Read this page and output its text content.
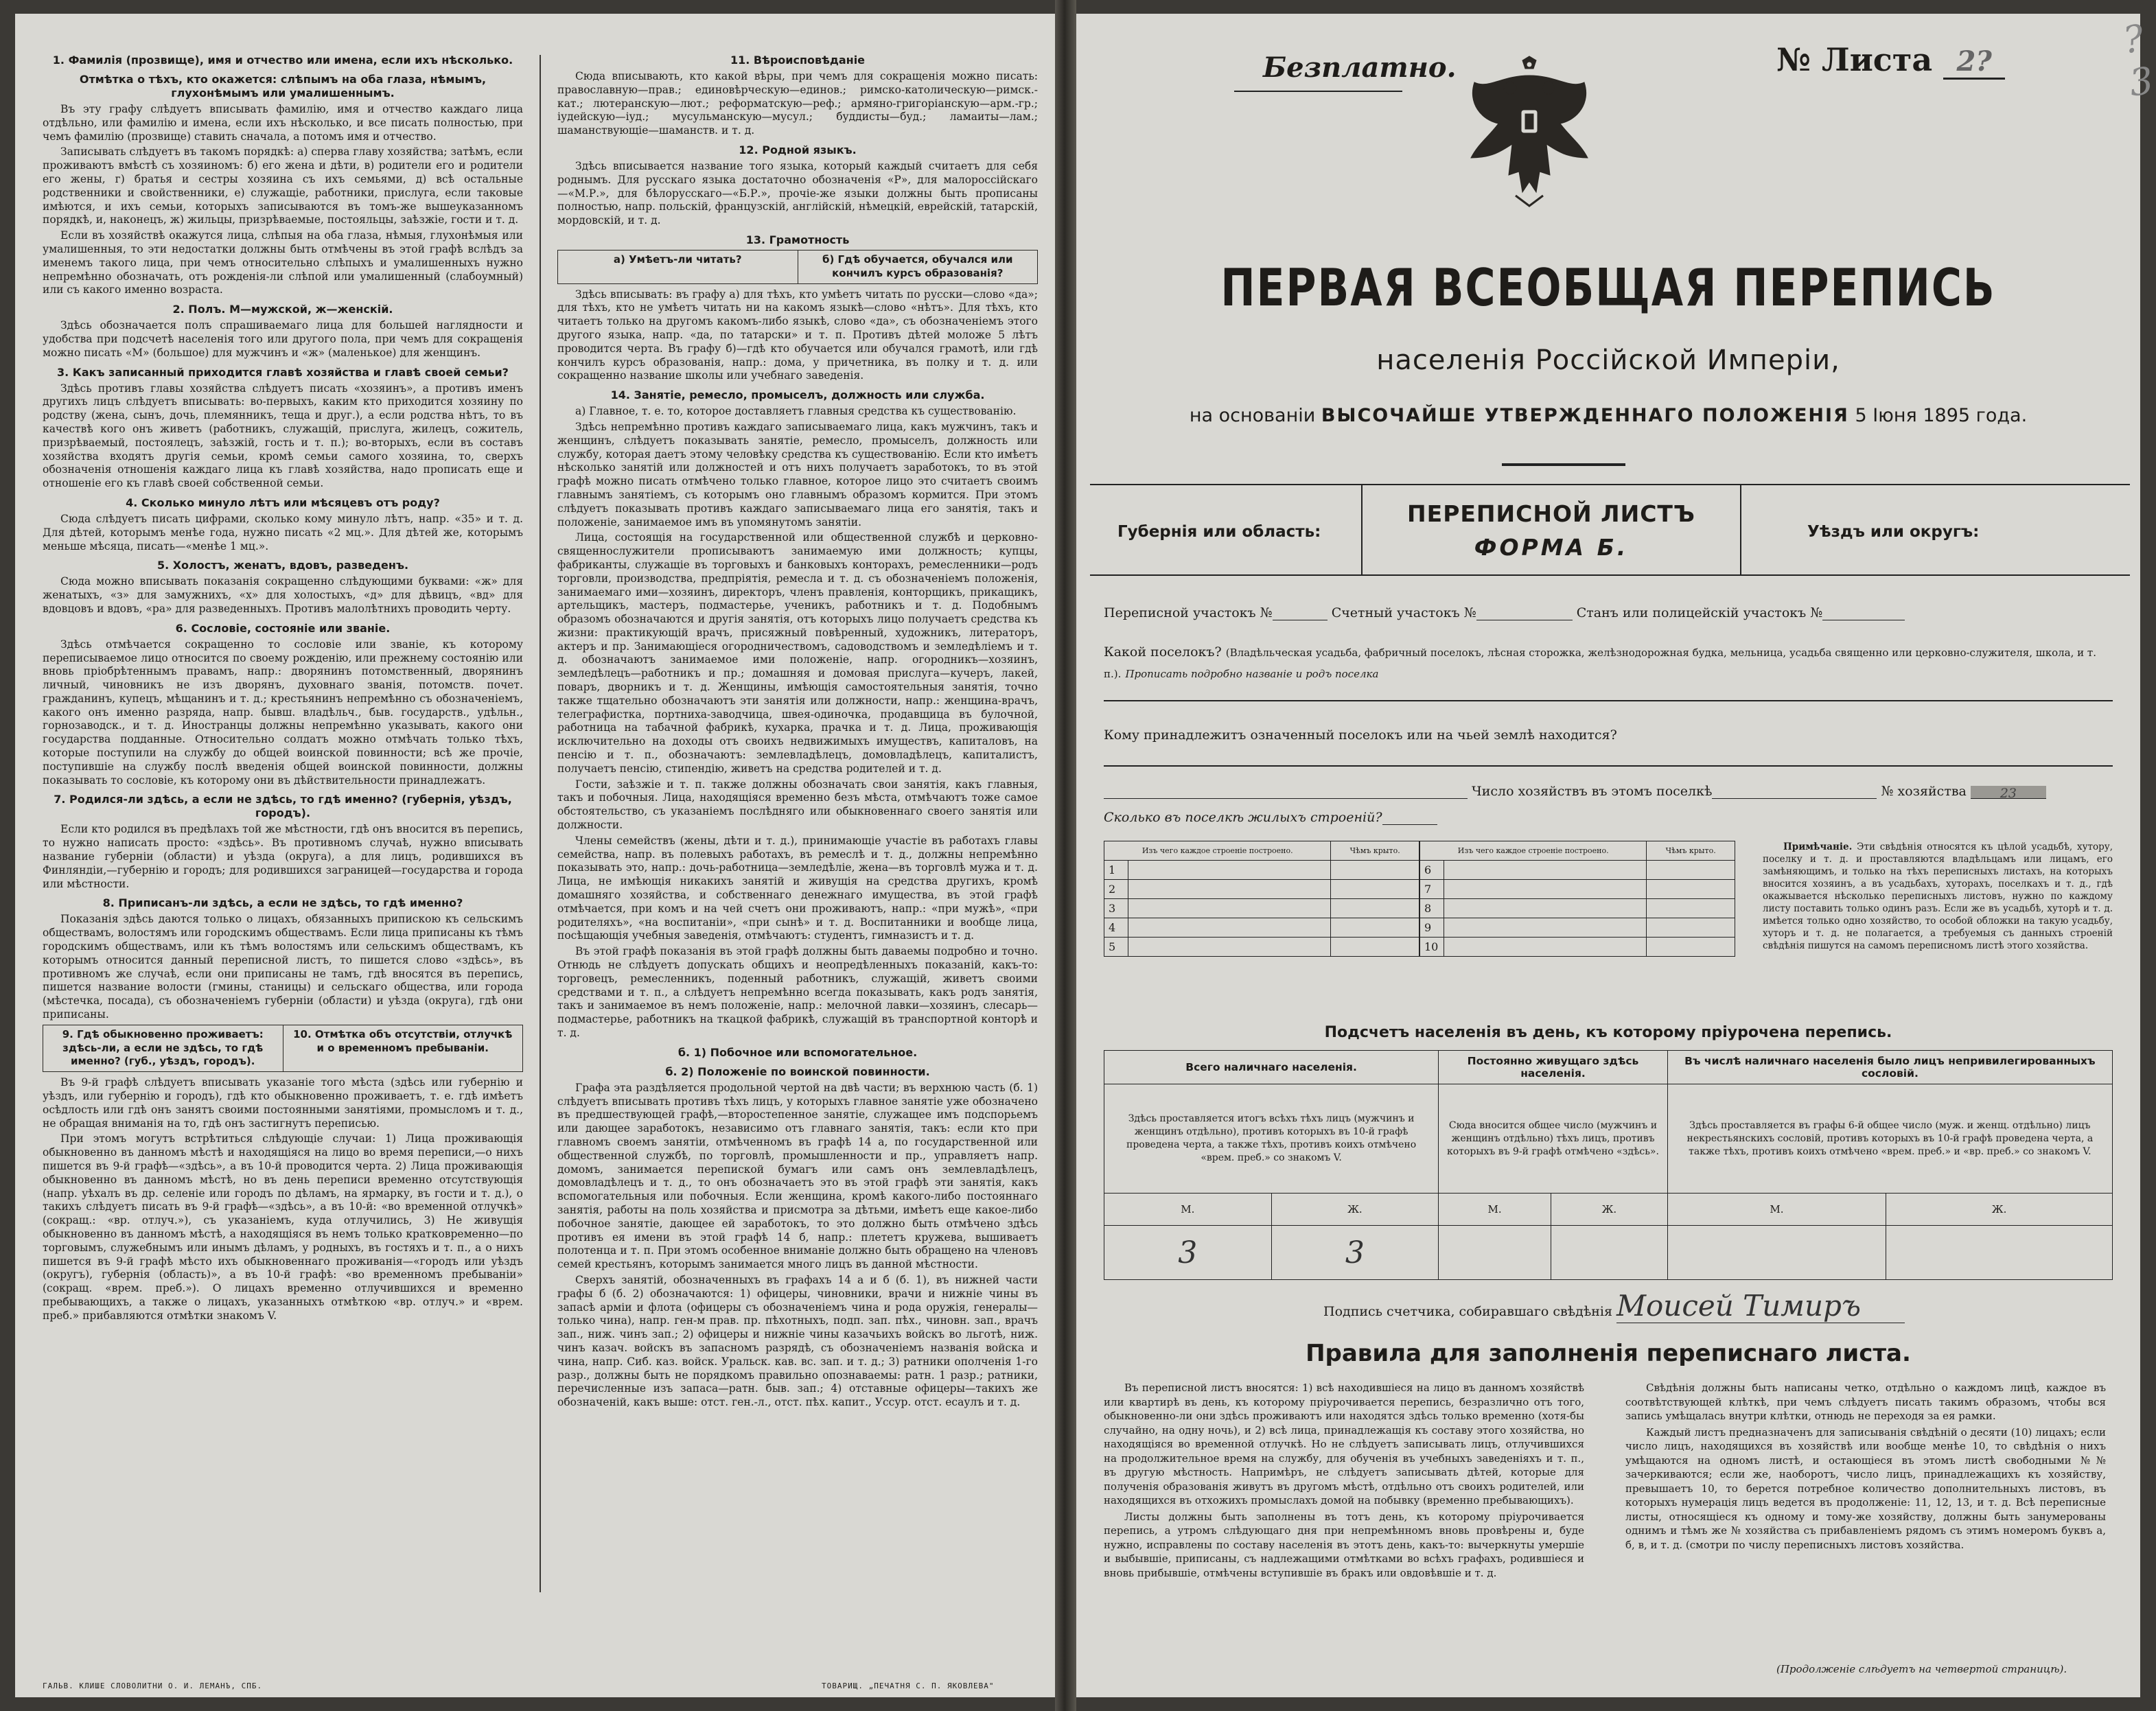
1. Фамилія (прозвище), имя и отчество или имена, если ихъ нѣсколько.
Отмѣтка о тѣхъ, кто окажется: слѣпымъ на оба глаза, нѣмымъ, глухонѣмымъ или умалишеннымъ.

Въ эту графу слѣдуетъ вписывать фамилію, имя и отчество каждаго лица отдѣльно, или фамилію и имена, если ихъ нѣсколько, и все писать полностью, при чемъ фамилію (прозвище) ставить сначала, а потомъ имя и отчество.

Записывать слѣдуетъ въ такомъ порядкѣ: а) сперва главу хозяйства; затѣмъ, если проживаютъ вмѣстѣ съ хозяиномъ: б) его жена и дѣти, в) родители его и родители его жены, г) братья и сестры хозяина съ ихъ семьями, д) всѣ остальные родственники и свойственники, е) служащіе, работники, прислуга, если таковые имѣются, и ихъ семьи, которыхъ записываются въ томъ-же вышеуказанномъ порядкѣ, и, наконецъ, ж) жильцы, призрѣваемые, постояльцы, заѣзжіе, гости и т. д.

Если въ хозяйствѣ окажутся лица, слѣпыя на оба глаза, нѣмыя, глухонѣмыя или умалишенныя, то эти недостатки должны быть отмѣчены въ этой графѣ вслѣдъ за именемъ такого лица, при чемъ относительно слѣпыхъ и умалишенныхъ нужно непремѣнно обозначать, отъ рожденія-ли слѣпой или умалишенный (слабоумный) или съ какого именно возраста.

2. Полъ. М—мужской, ж—женскій.

Здѣсь обозначается полъ спрашиваемаго лица для большей наглядности и удобства при подсчетѣ населенія того или другого пола, при чемъ для сокращенія можно писать «М» (большое) для мужчинъ и «ж» (маленькое) для женщинъ.

3. Какъ записанный приходится главѣ хозяйства и главѣ своей семьи?

Здѣсь противъ главы хозяйства слѣдуетъ писать «хозяинъ», а противъ именъ другихъ лицъ слѣдуетъ вписывать: во-первыхъ, каким кто приходится хозяину по родству (жена, сынъ, дочь, племянникъ, теща и друг.), а если родства нѣтъ, то въ качествѣ кого онъ живетъ (работникъ, служащій, прислуга, жилецъ, сожитель, призрѣваемый, постоялецъ, заѣзжій, гость и т. п.); во-вторыхъ, если въ составъ хозяйства входятъ другія семьи, кромѣ семьи самого хозяина, то, сверхъ обозначенія отношенія каждаго лица къ главѣ хозяйства, надо прописать еще и отношеніе его къ главѣ своей собственной семьи.

4. Сколько минуло лѣтъ или мѣсяцевъ отъ роду?

Сюда слѣдуетъ писать цифрами, сколько кому минуло лѣтъ, напр. «35» и т. д. Для дѣтей, которымъ менѣе года, нужно писать «2 мц.». Для дѣтей же, которымъ меньше мѣсяца, писать—«менѣе 1 мц.».

5. Холостъ, женатъ, вдовъ, разведенъ.

Сюда можно вписывать показанія сокращенно слѣдующими буквами: «ж» для женатыхъ, «з» для замужнихъ, «х» для холостыхъ, «д» для дѣвицъ, «вд» для вдовцовъ и вдовъ, «ра» для разведенныхъ. Противъ малолѣтнихъ проводить черту.

6. Сословіе, состояніе или званіе.

Здѣсь отмѣчается сокращенно то сословіе или званіе, къ которому переписываемое лицо относится по своему рожденію, или прежнему состоянію или вновь пріобрѣтеннымъ правамъ, напр.: дворянинъ потомственный, дворянинъ личный, чиновникъ не изъ дворянъ, духовнаго званія, потомств. почет. гражданинъ, купецъ, мѣщанинъ и т. д.; крестьянинъ непремѣнно съ обозначеніемъ, какого онъ именно разряда, напр. бывш. владѣльч., быв. государств., удѣльн., горнозаводск., и т. д. Иностранцы должны непремѣнно указывать, какого они государства подданные. Относительно солдатъ можно отмѣчать только тѣхъ, которые поступили на службу до общей воинской повинности; всѣ же прочіе, поступившіе на службу послѣ введенія общей воинской повинности, должны показывать то сословіе, къ которому они въ дѣйствительности принадлежатъ.

7. Родился-ли здѣсь, а если не здѣсь, то гдѣ именно? (губернія, уѣздъ, городъ).

Если кто родился въ предѣлахъ той же мѣстности, гдѣ онъ вносится въ перепись, то нужно написать просто: «здѣсь». Въ противномъ случаѣ, нужно вписывать название губерніи (области) и уѣзда (округа), а для лицъ, родившихся въ Финляндіи,—губернію и городъ; для родившихся заграницей—государства и города или мѣстности.

8. Приписанъ-ли здѣсь, а если не здѣсь, то гдѣ именно?

Показанія здѣсь даются только о лицахъ, обязанныхъ припискою къ сельскимъ обществамъ, волостямъ или городскимъ обществамъ. Если лица приписаны къ тѣмъ городскимъ обществамъ, или къ тѣмъ волостямъ или сельскимъ обществамъ, къ которымъ относится данный переписной листъ, то пишется слово «здѣсь», въ противномъ же случаѣ, если они приписаны не тамъ, гдѣ вносятся въ перепись, пишется название волости (гмины, станицы) и сельскаго общества, или города (мѣстечка, посада), съ обозначеніемъ губерніи (области) и уѣзда (округа), гдѣ они приписаны.

9. Гдѣ обыкновенно проживаетъ: здѣсь-ли, а если не здѣсь, то гдѣ именно? (губ., уѣздъ, городъ).
10. Отмѣтка объ отсутствіи, отлучкѣ и о временномъ пребываніи.

Въ 9-й графѣ слѣдуетъ вписывать указаніе того мѣста (здѣсь или губернію и уѣздъ, или губернію и городъ), гдѣ кто обыкновенно проживаетъ, т. е. гдѣ имѣетъ осѣдлость или гдѣ онъ занятъ своими постоянными занятіями, промысломъ и т. д., не обращая вниманія на то, гдѣ онъ застигнутъ переписью.

При этомъ могутъ встрѣтиться слѣдующіе случаи: 1) Лица проживающія обыкновенно въ данномъ мѣстѣ и находящіяся на лицо во время переписи,—о нихъ пишется въ 9-й графѣ—«здѣсь», а въ 10-й проводится черта. 2) Лица проживающія обыкновенно въ данномъ мѣстѣ, но въ день переписи временно отсутствующія (напр. уѣхалъ въ др. селеніе или городъ по дѣламъ, на ярмарку, въ гости и т. д.), о такихъ слѣдуетъ писать въ 9-й графѣ—«здѣсь», а въ 10-й: «во временной отлучкѣ» (сокращ.: «вр. отлуч.»), съ указаніемъ, куда отлучились, 3) Не живущія обыкновенно въ данномъ мѣстѣ, а находящіяся въ немъ только кратковременно—по торговымъ, служебнымъ или инымъ дѣламъ, у родныхъ, въ гостяхъ и т. п., а о нихъ пишется въ 9-й графѣ мѣсто ихъ обыкновеннаго проживанія—«городъ или уѣздъ (округъ), губернія (область)», а въ 10-й графѣ: «во временномъ пребываніи» (сокращ. «врем. преб.»). О лицахъ временно отлучившихся и временно пребывающихъ, а также о лицахъ, указанныхъ отмѣткою «вр. отлуч.» и «врем. преб.» прибавляются отмѣтки знакомъ V.

11. Вѣроисповѣданіе

Сюда вписывають, кто какой вѣры, при чемъ для сокращенія можно писать: православную—прав.; единовѣрческую—единов.; римско-католическую—римск.-кат.; лютеранскую—лют.; реформатскую—реф.; армяно-григоріанскую—арм.-гр.; іудейскую—іуд.; мусульманскую—мусул.; буддисты—буд.; ламаиты—лам.; шаманствующіе—шаманств. и т. д.

12. Родной языкъ.

Здѣсь вписывается название того языка, который каждый считаетъ для себя роднымъ. Для русскаго языка достаточно обозначенія «Р», для малороссійскаго—«М.Р.», для бѣлорусскаго—«Б.Р.», прочіе-же языки должны быть прописаны полностью, напр. польскій, французскій, англійскій, нѣмецкій, еврейскій, татарскій, мордовскій, и т. д.

13. Грамотность
а) Умѣетъ-ли читать?	б) Гдѣ обучается, обучался или кончилъ курсъ образованія?

Здѣсь вписывать: въ графу а) для тѣхъ, кто умѣетъ читать по русски—слово «да»; для тѣхъ, кто не умѣетъ читать ни на какомъ языкѣ—слово «нѣтъ». Для тѣхъ, кто читаетъ только на другомъ какомъ-либо языкѣ, слово «да», съ обозначеніемъ этого другого языка, напр. «да, по татарски» и т. п. Противъ дѣтей моложе 5 лѣтъ проводится черта. Въ графу б)—гдѣ кто обучается или обучался грамотѣ, или гдѣ кончилъ курсъ образованія, напр.: дома, у причетника, въ полку и т. д. или сокращенно название школы или учебнаго заведенія.

14. Занятіе, ремесло, промыселъ, должность или служба.

а) Главное, т. е. то, которое доставляетъ главныя средства къ существованію.

Здѣсь непремѣнно противъ каждаго записываемаго лица, какъ мужчинъ, такъ и женщинъ, слѣдуетъ показывать занятіе, ремесло, промыселъ, должность или службу, которая даетъ этому человѣку средства къ существованію. Если кто имѣетъ нѣсколько занятій или должностей и отъ нихъ получаетъ заработокъ, то въ этой графѣ можно писать отмѣчено только главное, которое лицо это считаетъ своимъ главнымъ занятіемъ, съ которымъ оно главнымъ образомъ кормится. При этомъ слѣдуетъ показывать противъ каждаго записываемаго лица его занятія, такъ и положеніе, занимаемое имъ въ упомянутомъ занятіи.

Лица, состоящія на государственной или общественной службѣ и церковно-священнослужители прописываютъ занимаемую ими должность; купцы, фабриканты, служащіе въ торговыхъ и банковыхъ конторахъ, ремесленники—родъ торговли, производства, предпріятія, ремесла и т. д. съ обозначеніемъ положенія, занимаемаго ими—хозяинъ, директоръ, членъ правленія, конторщикъ, прикащикъ, артельщикъ, мастеръ, подмастерье, ученикъ, работникъ и т. д. Подобнымъ образомъ обозначаются и другія занятія, отъ которыхъ лицо получаетъ средства къ жизни: практикующій врачъ, присяжный повѣренный, художникъ, литераторъ, актеръ и пр. Занимающіеся огородничествомъ, садоводствомъ и земледѣліемъ и т. д. обозначаютъ занимаемое ими положеніе, напр. огородникъ—хозяинъ, земледѣлецъ—работникъ и пр.; домашняя и домовая прислуга—кучеръ, лакей, поваръ, дворникъ и т. д. Женщины, имѣющія самостоятельныя занятія, точно также тщательно обозначаютъ эти занятія или должности, напр.: женщина-врачъ, телеграфистка, портниха-заводчица, швея-одиночка, продавщица въ булочной, работница на табачной фабрикѣ, кухарка, прачка и т. д. Лица, проживающія исключительно на доходы отъ своихъ недвижимыхъ имуществъ, капиталовъ, на пенсію и т. п., обозначаютъ: землевладѣлецъ, домовладѣлецъ, капиталистъ, получаетъ пенсію, стипендію, живетъ на средства родителей и т. д.

Гости, заѣзжіе и т. п. также должны обозначать свои занятія, какъ главныя, такъ и побочныя. Лица, находящіяся временно безъ мѣста, отмѣчаютъ тоже самое обстоятельство, съ указаніемъ послѣдняго или обыкновеннаго своего занятія или должности.

Члены семействъ (жены, дѣти и т. д.), принимающіе участіе въ работахъ главы семейства, напр. въ полевыхъ работахъ, въ ремеслѣ и т. д., должны непремѣнно показывать это, напр.: дочь-работница—земледѣліе, жена—въ торговлѣ мужа и т. д. Лица, не имѣющія никакихъ занятій и живущія на средства другихъ, кромѣ домашняго хозяйства, и собственнаго денежнаго имущества, въ этой графѣ отмѣчается, при комъ и на чей счетъ они проживаютъ, напр.: «при мужѣ», «при родителяхъ», «на воспитаніи», «при сынѣ» и т. д. Воспитанники и вообще лица, посѣщающія учебныя заведенія, отмѣчаютъ: студентъ, гимназистъ и т. д.

Въ этой графѣ показанія въ этой графѣ должны быть даваемы подробно и точно. Отнюдь не слѣдуетъ допускать общихъ и неопредѣленныхъ показаній, какъ-то: торговецъ, ремесленникъ, поденный работникъ, служащій, живетъ своими средствами и т. п., а слѣдуетъ непремѣнно всегда показывать, какъ родъ занятія, такъ и занимаемое въ немъ положеніе, напр.: мелочной лавки—хозяинъ, слесарь—подмастерье, работникъ на ткацкой фабрикѣ, служащій въ транспортной конторѣ и т. д.

б. 1) Побочное или вспомогательное.
б. 2) Положеніе по воинской повинности.

Графа эта раздѣляется продольной чертой на двѣ части; въ верхнюю часть (б. 1) слѣдуетъ вписывать противъ тѣхъ лицъ, у которыхъ главное занятіе уже обозначено въ предшествующей графѣ,—второстепенное занятіе, служащее имъ подспорьемъ или дающее заработокъ, независимо отъ главнаго занятія, такъ: если кто при главномъ своемъ занятіи, отмѣченномъ въ графѣ 14 а, по государственной или общественной службѣ, по торговлѣ, промышленности и пр., управляетъ напр. домомъ, занимается перепиской бумагъ или самъ онъ землевладѣлецъ, домовладѣлецъ и т. д., то онъ обозначаетъ это въ этой графѣ эти занятія, какъ вспомогательныя или побочныя. Если женщина, кромѣ какого-либо постояннаго занятія, работы на поль хозяйства и присмотра за дѣтьми, имѣетъ еще какое-либо побочное занятіе, дающее ей заработокъ, то это должно быть отмѣчено здѣсь противъ ея имени въ этой графѣ 14 б, напр.: плететъ кружева, вышиваетъ полотенца и т. п. При этомъ особенное вниманіе должно быть обращено на членовъ семей крестьянъ, которымъ занимается много лицъ въ данной мѣстности.

Сверхъ занятій, обозначенныхъ въ графахъ 14 а и б (б. 1), въ нижней части графы б (б. 2) обозначаются: 1) офицеры, чиновники, врачи и нижніе чины въ запасѣ арміи и флота (офицеры съ обозначеніемъ чина и рода оружія, генералы—только чина), напр. ген-м прав. пр. пѣхотныхъ, подп. зап. пѣх., чиновн. зап., врачъ зап., ниж. чинъ зап.; 2) офицеры и нижніе чины казачьихъ войскъ во льготѣ, ниж. чинъ казач. войскъ въ запасномъ разрядѣ, съ обозначеніемъ названія войска и чина, напр. Сиб. каз. войск. Уральск. кав. вс. зап. и т. д.; 3) ратники ополченія 1-го разр., должны быть не порядкомъ правильно опознаваемы: ратн. 1 разр.; ратники, перечисленные изъ запаса—ратн. быв. зап.; 4) отставные офицеры—такихъ же обозначеній, какъ выше: отст. ген.-л., отст. пѣх. капит., Уссур. отст. есаулъ и т. д.

ГАЛЬВ. КЛИШЕ СЛОВОЛИТНИ О. И. ЛЕМАНЪ, СПБ.	ТОВАРИЩ. „ПЕЧАТНЯ С. П. ЯКОВЛЕВА"
?3
Безплатно.	№ Листа 2?
ПЕРВАЯ ВСЕОБЩАЯ ПЕРЕПИСЬ
населенія Россійской Имперіи,
на основаніи ВЫСОЧАЙШЕ УТВЕРЖДЕННАГО ПОЛОЖЕНІЯ 5 Іюня 1895 года.
Губернія или область:
ПЕРЕПИСНОЙ ЛИСТЪ
ФОРМА Б.
Уѣздъ или округъ:
Переписной участокъ №	Счетный участокъ №	Станъ или полицейскій участокъ №
Какой поселокъ? (Владѣльческая усадьба, фабричный поселокъ, лѣсная сторожка, желѣзнодорожная будка, мельница, усадьба священно или церковно-служителя, школа, и т. п.). Прописать подробно названіе и родъ поселка
Кому принадлежитъ означенный поселокъ или на чьей землѣ находится?
Число хозяйствъ въ этомъ поселкѣ	№ хозяйства	23
Сколько въ поселкѣ жилыхъ строеній?
Изъ чего каждое строеніе построено.		Чѣмъ крыто.		Изъ чего каждое строеніе построено.		Чѣмъ крыто.
1				6		
2				7		
3				8		
4				9		
5				10		
Примѣчаніе. Эти свѣдѣнія относятся къ цѣлой усадьбѣ, хутору, поселку и т. д. и проставляются владѣльцамъ или лицамъ, его замѣняющимъ, и только на тѣхъ переписныхъ листахъ, на которыхъ вносится хозяинъ, а въ усадьбахъ, хуторахъ, поселкахъ и т. д., гдѣ окажывается нѣсколько переписныхъ листовъ, нужно по каждому листу поставить только одинъ разъ. Если же въ усадьбѣ, хуторѣ и т. д. имѣется только одно хозяйство, то особой обложки на такую усадьбу, хуторъ и т. д. не полагается, а требуемыя съ данныхъ строеній свѣдѣнія пишутся на самомъ переписномъ листѣ этого хозяйства.
Подсчетъ населенія въ день, къ которому пріурочена перепись.
Всего наличнаго населенія.		Постоянно живущаго здѣсь населенія.		Въ числѣ наличнаго населенія было лицъ непривилегированныхъ сословій.	
Здѣсь проставляется итогъ всѣхъ тѣхъ лицъ (мужчинъ и женщинъ отдѣльно), противъ которыхъ въ 10-й графѣ проведена черта, а также тѣхъ, противъ коихъ отмѣчено «врем. преб.» со знакомъ V.		Сюда вносится общее число (мужчинъ и женщинъ отдѣльно) тѣхъ лицъ, противъ которыхъ въ 9-й графѣ отмѣчено «здѣсь».		Здѣсь проставляется въ графы 6-й общее число (муж. и женщ. отдѣльно) лицъ некрестьянскихъ сословій, противъ которыхъ въ 10-й графѣ проведена черта, а также тѣхъ, противъ коихъ отмѣчено «врем. преб.» и «вр. преб.» со знакомъ V.	
М.	Ж.	М.	Ж.	М.	Ж.
3	3				
Подпись счетчика, собиравшаго свѣдѣнія Моисей Тимиръ
Правила для заполненія переписнаго листа.

Въ переписной листъ вносятся: 1) всѣ находившіеся на лицо въ данномъ хозяйствѣ или квартирѣ въ день, къ которому пріурочивается перепись, безразлично отъ того, обыкновенно-ли они здѣсь проживаютъ или находятся здѣсь только временно (хотя-бы случайно, на одну ночь), и 2) всѣ лица, принадлежащія къ составу этого хозяйства, но находящіяся во временной отлучкѣ. Но не слѣдуетъ записывать лицъ, отлучившихся на продолжительное время на службу, для обученія въ учебныхъ заведеніяхъ и т. п., въ другую мѣстность. Напримѣръ, не слѣдуетъ записывать дѣтей, которые для полученія образованія живутъ въ другомъ мѣстѣ, отдѣльно отъ своихъ родителей, или находящихся въ отхожихъ промыслахъ домой на побывку (временно пребывающихъ).

Листы должны быть заполнены въ тотъ день, къ которому пріурочивается перепись, а утромъ слѣдующаго дня при непремѣнномъ вновь провѣрены и, буде нужно, исправлены по составу населенія въ этотъ день, какъ-то: вычеркнуты умершіе и выбывшіе, приписаны, съ надлежащими отмѣтками во всѣхъ графахъ, родившіеся и вновь прибывшіе, отмѣчены вступившіе въ бракъ или овдовѣвшіе и т. д.

Свѣдѣнія должны быть написаны четко, отдѣльно о каждомъ лицѣ, каждое въ соотвѣтствующей клѣткѣ, при чемъ слѣдуетъ писать такимъ образомъ, чтобы вся запись умѣщалась внутри клѣтки, отнюдь не переходя за ея рамки.

Каждый листъ предназначенъ для записыванія свѣдѣній о десяти (10) лицахъ; если число лицъ, находящихся въ хозяйствѣ или вообще менѣе 10, то свѣдѣнія о нихъ умѣщаются на одномъ листѣ, и остающіеся въ этомъ листѣ свободными №№ зачеркиваются; если же, наоборотъ, число лицъ, принадлежащихъ къ хозяйству, превышаетъ 10, то берется потребное количество дополнительныхъ листовъ, въ которыхъ нумерація лицъ ведется въ продолженіе: 11, 12, 13, и т. д. Всѣ переписные листы, относящіеся къ одному и тому-же хозяйству, должны быть занумерованы однимъ и тѣмъ же № хозяйства съ прибавленіемъ рядомъ съ этимъ номеромъ буквъ а, б, в, и т. д. (смотри по числу переписныхъ листовъ хозяйства.

(Продолженіе слѣдуетъ на четвертой страницѣ).
